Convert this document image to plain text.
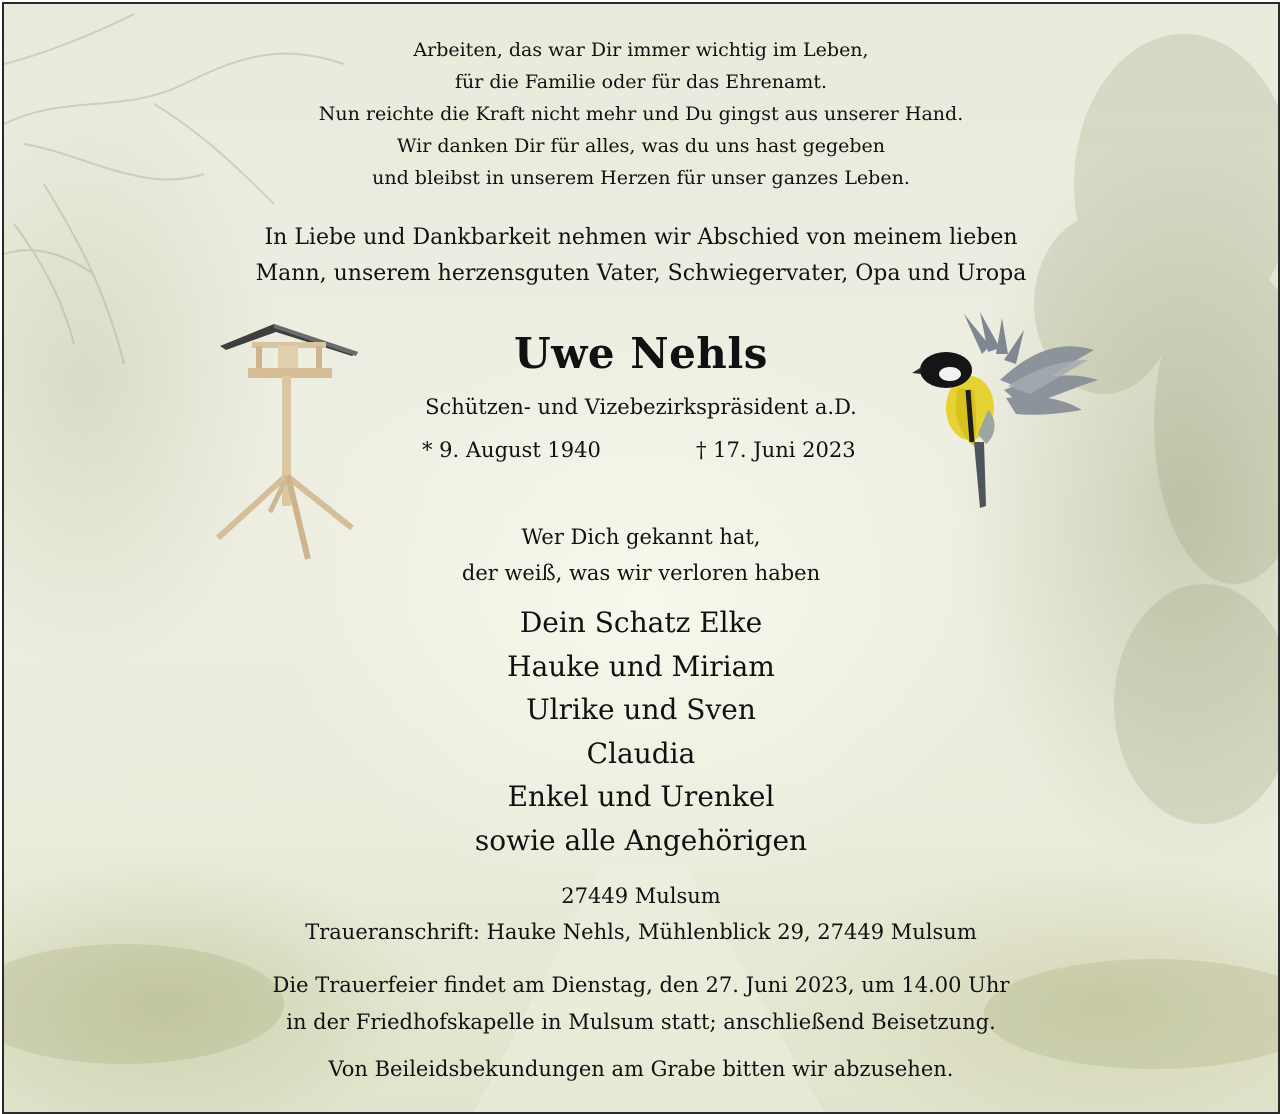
Arbeiten, das war Dir immer wichtig im Leben,
für die Familie oder für das Ehrenamt.
Nun reichte die Kraft nicht mehr und Du gingst aus unserer Hand.
Wir danken Dir für alles, was du uns hast gegeben
und bleibst in unserem Herzen für unser ganzes Leben.
In Liebe und Dankbarkeit nehmen wir Abschied von meinem lieben
Mann, unserem herzensguten Vater, Schwiegervater, Opa und Uropa
Uwe Nehls
Schützen- und Vizebezirkspräsident a.D.
* 9. August 1940	† 17. Juni 2023
Wer Dich gekannt hat,
der weiß, was wir verloren haben
Dein Schatz Elke
Hauke und Miriam
Ulrike und Sven
Claudia
Enkel und Urenkel
sowie alle Angehörigen
27449 Mulsum
Traueranschrift: Hauke Nehls, Mühlenblick 29, 27449 Mulsum
Die Trauerfeier findet am Dienstag, den 27. Juni 2023, um 14.00 Uhr
in der Friedhofskapelle in Mulsum statt; anschließend Beisetzung.
Von Beileidsbekundungen am Grabe bitten wir abzusehen.
